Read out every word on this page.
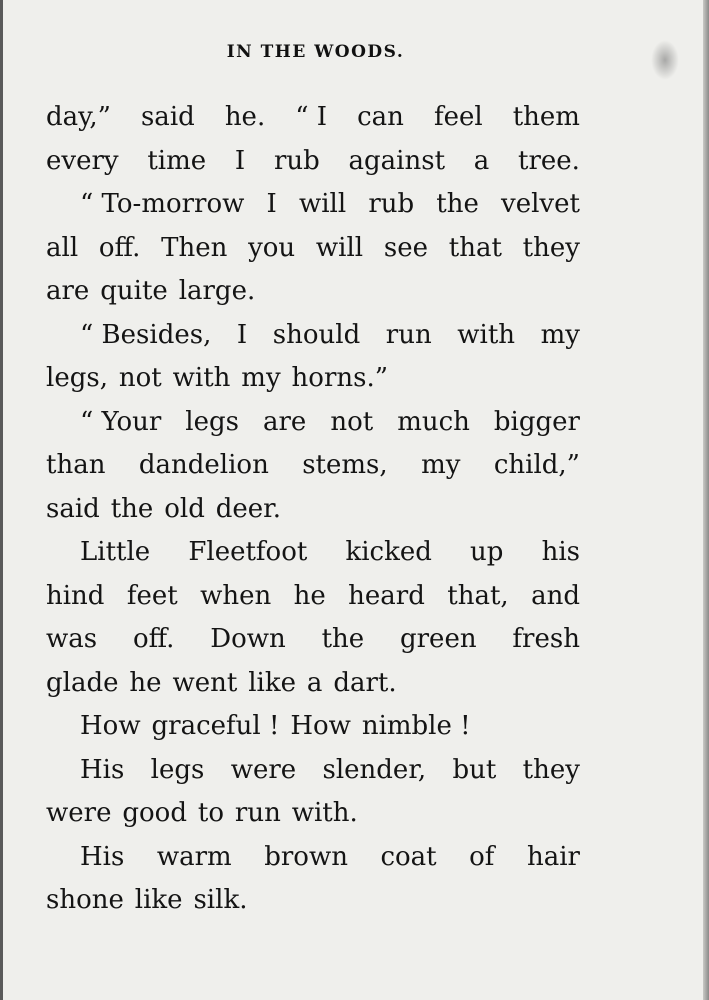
IN THE WOODS.
day,” said he. “ I can feel them
every time I rub against a tree.
“ To-morrow I will rub the velvet
all off. Then you will see that they
are quite large.
“ Besides, I should run with my
legs, not with my horns.”
“ Your legs are not much bigger
than dandelion stems, my child,”
said the old deer.
Little Fleetfoot kicked up his
hind feet when he heard that, and
was off. Down the green fresh
glade he went like a dart.
How graceful ! How nimble !
His legs were slender, but they
were good to run with.
His warm brown coat of hair
shone like silk.
